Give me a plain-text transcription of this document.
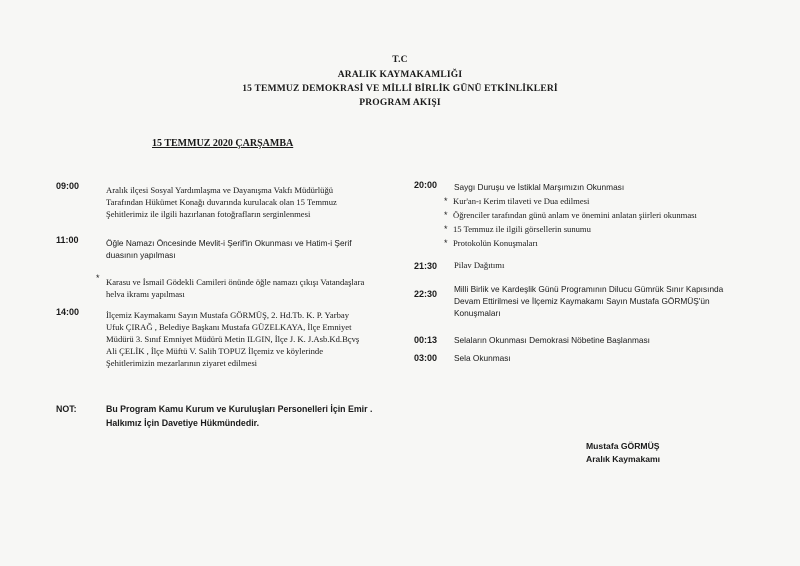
T.C
ARALIK KAYMAKAMLIĞI
15 TEMMUZ DEMOKRASİ VE MİLLİ BİRLİK GÜNÜ ETKİNLİKLERİ
PROGRAM AKIŞI
15 TEMMUZ 2020 ÇARŞAMBA
09:00	Aralık ilçesi Sosyal Yardımlaşma ve Dayanışma Vakfı Müdürlüğü
Tarafından Hükümet Konağı duvarında kurulacak olan 15 Temmuz
Şehitlerimiz ile ilgili hazırlanan fotoğrafların serginlenmesi
11:00	Öğle Namazı Öncesinde Mevlit-i Şerif'in Okunması ve Hatim-i Şerif
duasının yapılması
* Karasu ve İsmail Gödekli Camileri önünde öğle namazı çıkışı Vatandaşlara
helva ikramı yapılması
14:00	İlçemiz Kaymakamı Sayın Mustafa GÖRMÜŞ, 2. Hd.Tb. K. P. Yarbay
Ufuk ÇIRAĞ , Belediye Başkanı Mustafa GÜZELKAYA, İlçe Emniyet
Müdürü 3. Sınıf Emniyet Müdürü Metin ILGIN, İlçe J. K. J.Asb.Kd.Bçvş
Ali ÇELİK , İlçe Müftü V. Salih TOPUZ İlçemiz ve köylerinde
Şehitlerimizin mezarlarının ziyaret edilmesi
20:00 Saygı Duruşu ve İstiklal Marşımızın Okunması
* Kur'an-ı Kerim tilaveti ve Dua edilmesi
* Öğrenciler tarafından günü anlam ve önemini anlatan şiirleri okunması
* 15 Temmuz ile ilgili görsellerin sunumu
* Protokolün Konuşmaları
21:30 Pilav Dağıtımı
22:30 Milli Birlik ve Kardeşlik Günü Programının Dilucu Gümrük Sınır Kapısında
Devam Ettirilmesi ve İlçemiz Kaymakamı Sayın Mustafa GÖRMÜŞ'ün
Konuşmaları
00:13 Selaların Okunması Demokrasi Nöbetine Başlanması
03:00 Sela Okunması
NOT:	Bu Program Kamu Kurum ve Kuruluşları Personelleri İçin Emir .
Halkımız İçin Davetiye Hükmündedir.
Mustafa GÖRMÜŞ
Aralık Kaymakamı
